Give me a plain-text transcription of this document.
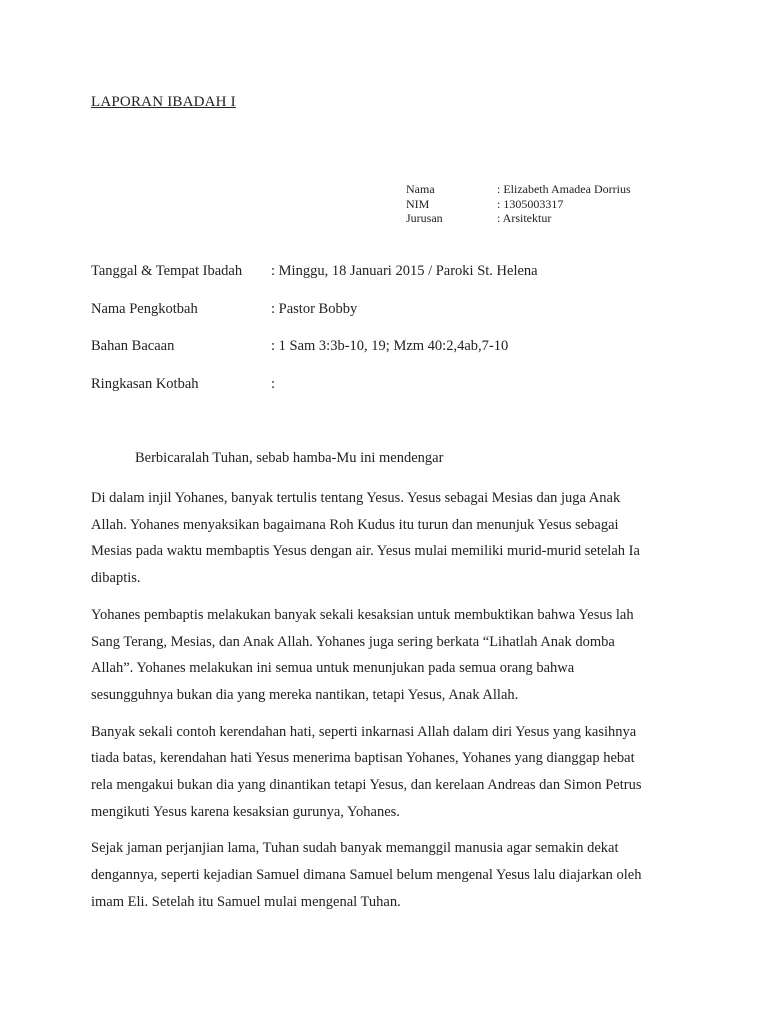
LAPORAN IBADAH I
Nama	: Elizabeth Amadea Dorrius
NIM	: 1305003317
Jurusan	: Arsitektur
Tanggal & Tempat Ibadah	: Minggu, 18 Januari 2015 / Paroki St. Helena
Nama Pengkotbah	: Pastor Bobby
Bahan Bacaan	: 1 Sam 3:3b-10, 19; Mzm 40:2,4ab,7-10
Ringkasan Kotbah	:
Berbicaralah Tuhan, sebab hamba-Mu ini mendengar

Di dalam injil Yohanes, banyak tertulis tentang Yesus. Yesus sebagai Mesias dan juga Anak
Allah. Yohanes menyaksikan bagaimana Roh Kudus itu turun dan menunjuk Yesus sebagai
Mesias pada waktu membaptis Yesus dengan air. Yesus mulai memiliki murid-murid setelah Ia
dibaptis.

Yohanes pembaptis melakukan banyak sekali kesaksian untuk membuktikan bahwa Yesus lah
Sang Terang, Mesias, dan Anak Allah. Yohanes juga sering berkata “Lihatlah Anak domba
Allah”. Yohanes melakukan ini semua untuk menunjukan pada semua orang bahwa
sesungguhnya bukan dia yang mereka nantikan, tetapi Yesus, Anak Allah.

Banyak sekali contoh kerendahan hati, seperti inkarnasi Allah dalam diri Yesus yang kasihnya
tiada batas, kerendahan hati Yesus menerima baptisan Yohanes, Yohanes yang dianggap hebat
rela mengakui bukan dia yang dinantikan tetapi Yesus, dan kerelaan Andreas dan Simon Petrus
mengikuti Yesus karena kesaksian gurunya, Yohanes.

Sejak jaman perjanjian lama, Tuhan sudah banyak memanggil manusia agar semakin dekat
dengannya, seperti kejadian Samuel dimana Samuel belum mengenal Yesus lalu diajarkan oleh
imam Eli. Setelah itu Samuel mulai mengenal Tuhan.
